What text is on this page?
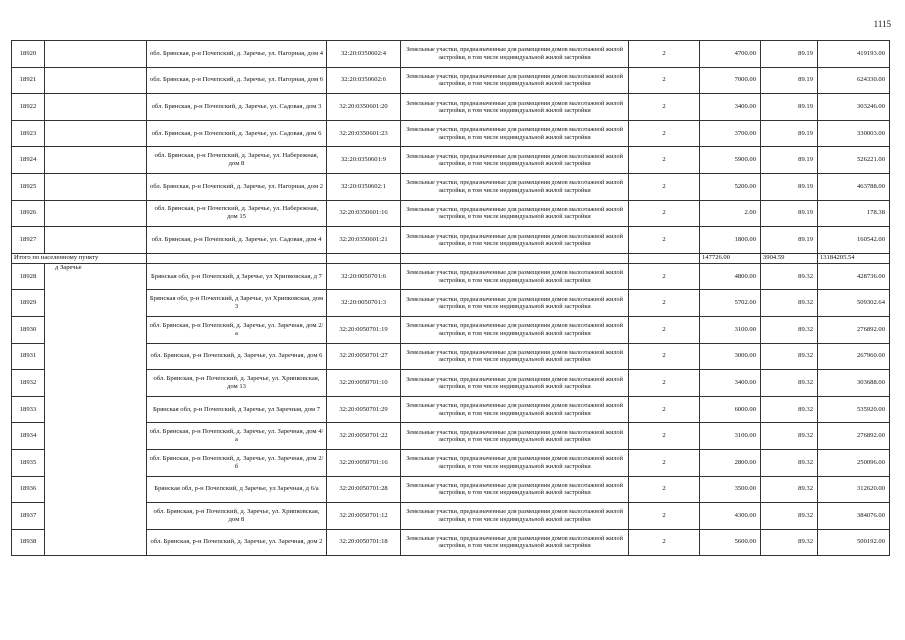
1115
18920		обл. Брянская, р-н Почепский, д. Заречье, ул. Нагорная, дом 4	32:20:0350602:4	Земельные участки, предназначенные для размещения домов малоэтажной жилой застройки, в том числе индивидуальной жилой застройки	2	4700.00	89.19	419193.00
18921		обл. Брянская, р-н Почепский, д. Заречье, ул. Нагорная, дом 6	32:20:0350602:6	Земельные участки, предназначенные для размещения домов малоэтажной жилой застройки, в том числе индивидуальной жилой застройки	2	7000.00	89.19	624330.00
18922		обл. Брянская, р-н Почепский, д. Заречье, ул. Садовая, дом 3	32:20:0350601:20	Земельные участки, предназначенные для размещения домов малоэтажной жилой застройки, в том числе индивидуальной жилой застройки	2	3400.00	89.19	303246.00
18923		обл. Брянская, р-н Почепский, д. Заречье, ул. Садовая, дом 6	32:20:0350601:23	Земельные участки, предназначенные для размещения домов малоэтажной жилой застройки, в том числе индивидуальной жилой застройки	2	3700.00	89.19	330003.00
18924		обл. Брянская, р-н Почепский, д. Заречье, ул. Набережная, дом 8	32:20:0350601:9	Земельные участки, предназначенные для размещения домов малоэтажной жилой застройки, в том числе индивидуальной жилой застройки	2	5900.00	89.19	526221.00
18925		обл. Брянская, р-н Почепский, д. Заречье, ул. Нагорная, дом 2	32:20:0350602:1	Земельные участки, предназначенные для размещения домов малоэтажной жилой застройки, в том числе индивидуальной жилой застройки	2	5200.00	89.19	463788.00
18926		обл. Брянская, р-н Почепский, д. Заречье, ул. Набережная, дом 15	32:20:0350601:16	Земельные участки, предназначенные для размещения домов малоэтажной жилой застройки, в том числе индивидуальной жилой застройки	2	2.00	89.19	178.38
18927		обл. Брянская, р-н Почепский, д. Заречье, ул. Садовая, дом 4	32:20:0350601:21	Земельные участки, предназначенные для размещения домов малоэтажной жилой застройки, в том числе индивидуальной жилой застройки	2	1800.00	89.19	160542.00
Итого по населенному пункту						147726.00	3904.59	13184205.54
18928	д Заречье	Брянская обл, р-н Почепский, д Заречье, ул Хрипковская, д 7	32:20:0050701:6	Земельные участки, предназначенные для размещения домов малоэтажной жилой застройки, в том числе индивидуальной жилой застройки	2	4800.00	89.32	428736.00
18929		Брянская обл, р-н Почепский, д Заречье, ул Хрипковская, дом 3	32:20:0050701:3	Земельные участки, предназначенные для размещения домов малоэтажной жилой застройки, в том числе индивидуальной жилой застройки	2	5702.00	89.32	509302.64
18930		обл. Брянская, р-н Почепский, д. Заречье, ул. Заречная, дом 2/а	32:20:0050701:19	Земельные участки, предназначенные для размещения домов малоэтажной жилой застройки, в том числе индивидуальной жилой застройки	2	3100.00	89.32	276892.00
18931		обл. Брянская, р-н Почепский, д. Заречье, ул. Заречная, дом 6	32:20:0050701:27	Земельные участки, предназначенные для размещения домов малоэтажной жилой застройки, в том числе индивидуальной жилой застройки	2	3000.00	89.32	267960.00
18932		обл. Брянская, р-н Почепский, д. Заречье, ул. Хрипковская, дом 13	32:20:0050701:10	Земельные участки, предназначенные для размещения домов малоэтажной жилой застройки, в том числе индивидуальной жилой застройки	2	3400.00	89.32	303688.00
18933		Брянская обл, р-н Почепский, д Заречье, ул Заречная, дом 7	32:20:0050701:29	Земельные участки, предназначенные для размещения домов малоэтажной жилой застройки, в том числе индивидуальной жилой застройки	2	6000.00	89.32	535920.00
18934		обл. Брянская, р-н Почепский, д. Заречье, ул. Заречная, дом 4/а	32:20:0050701:22	Земельные участки, предназначенные для размещения домов малоэтажной жилой застройки, в том числе индивидуальной жилой застройки	2	3100.00	89.32	276892.00
18935		обл. Брянская, р-н Почепский, д. Заречье, ул. Заречная, дом 2/б	32:20:0050701:16	Земельные участки, предназначенные для размещения домов малоэтажной жилой застройки, в том числе индивидуальной жилой застройки	2	2800.00	89.32	250096.00
18936		Брянская обл, р-н Почепский, д Заречье, ул Заречная, д 6/а	32:20:0050701:28	Земельные участки, предназначенные для размещения домов малоэтажной жилой застройки, в том числе индивидуальной жилой застройки	2	3500.00	89.32	312620.00
18937		обл. Брянская, р-н Почепский, д. Заречье, ул. Хрипковская, дом 8	32:20:0050701:12	Земельные участки, предназначенные для размещения домов малоэтажной жилой застройки, в том числе индивидуальной жилой застройки	2	4300.00	89.32	384076.00
18938		обл. Брянская, р-н Почепский, д. Заречье, ул. Заречная, дом 2	32:20:0050701:18	Земельные участки, предназначенные для размещения домов малоэтажной жилой застройки, в том числе индивидуальной жилой застройки	2	5600.00	89.32	500192.00
